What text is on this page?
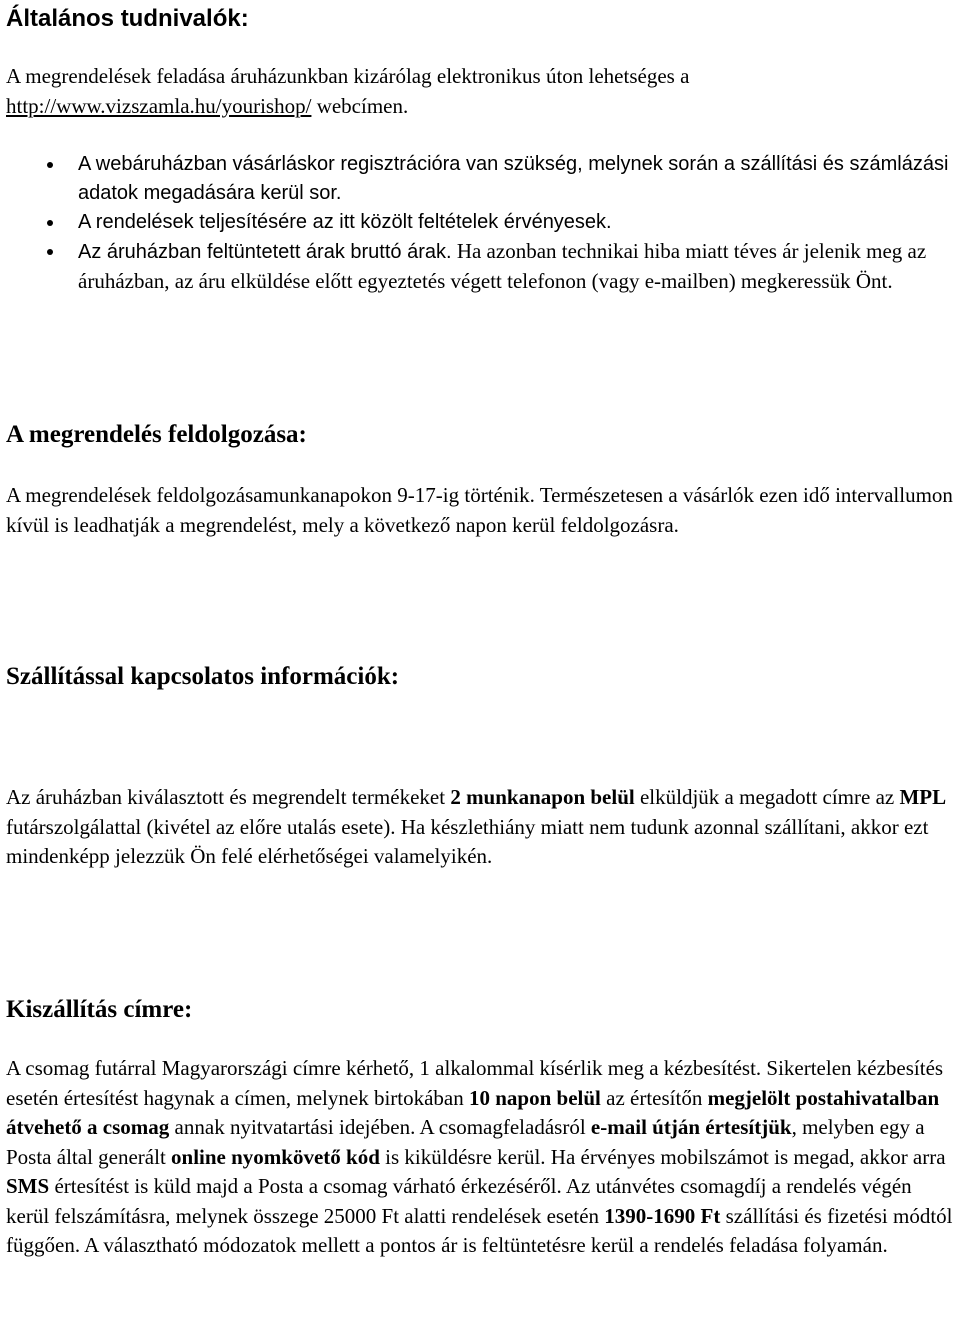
Általános tudnivalók:

A megrendelések feladása áruházunkban kizárólag elektronikus úton lehetséges a http://www.vizszamla.hu/yourishop/ webcímen.

A webáruházban vásárláskor regisztrációra van szükség, melynek során a szállítási és számlázási adatok megadására kerül sor.
A rendelések teljesítésére az itt közölt feltételek érvényesek.
Az áruházban feltüntetett árak bruttó árak. Ha azonban technikai hiba miatt téves ár jelenik meg az áruházban, az áru elküldése előtt egyeztetés végett telefonon (vagy e-mailben) megkeressük Önt.
A megrendelés feldolgozása:

A megrendelések feldolgozásamunkanapokon 9-17-ig történik. Természetesen a vásárlók ezen idő intervallumon kívül is leadhatják a megrendelést, mely a következő napon kerül feldolgozásra.

Szállítással kapcsolatos információk:

Az áruházban kiválasztott és megrendelt termékeket 2 munkanapon belül elküldjük a megadott címre az MPL futárszolgálattal (kivétel az előre utalás esete). Ha készlethiány miatt nem tudunk azonnal szállítani, akkor ezt mindenképp jelezzük Ön felé elérhetőségei valamelyikén.

Kiszállítás címre:

A csomag futárral Magyarországi címre kérhető, 1 alkalommal kísérlik meg a kézbesítést. Sikertelen kézbesítés esetén értesítést hagynak a címen, melynek birtokában 10 napon belül az értesítőn megjelölt postahivatalban átvehető a csomag annak nyitvatartási idejében. A csomagfeladásról e-mail útján értesítjük, melyben egy a Posta által generált online nyomkövető kód is kiküldésre kerül. Ha érvényes mobilszámot is megad, akkor arra SMS értesítést is küld majd a Posta a csomag várható érkezéséről. Az utánvétes csomagdíj a rendelés végén kerül felszámításra, melynek összege 25000 Ft alatti rendelések esetén 1390-1690 Ft szállítási és fizetési módtól függően. A választható módozatok mellett a pontos ár is feltüntetésre kerül a rendelés feladása folyamán.
